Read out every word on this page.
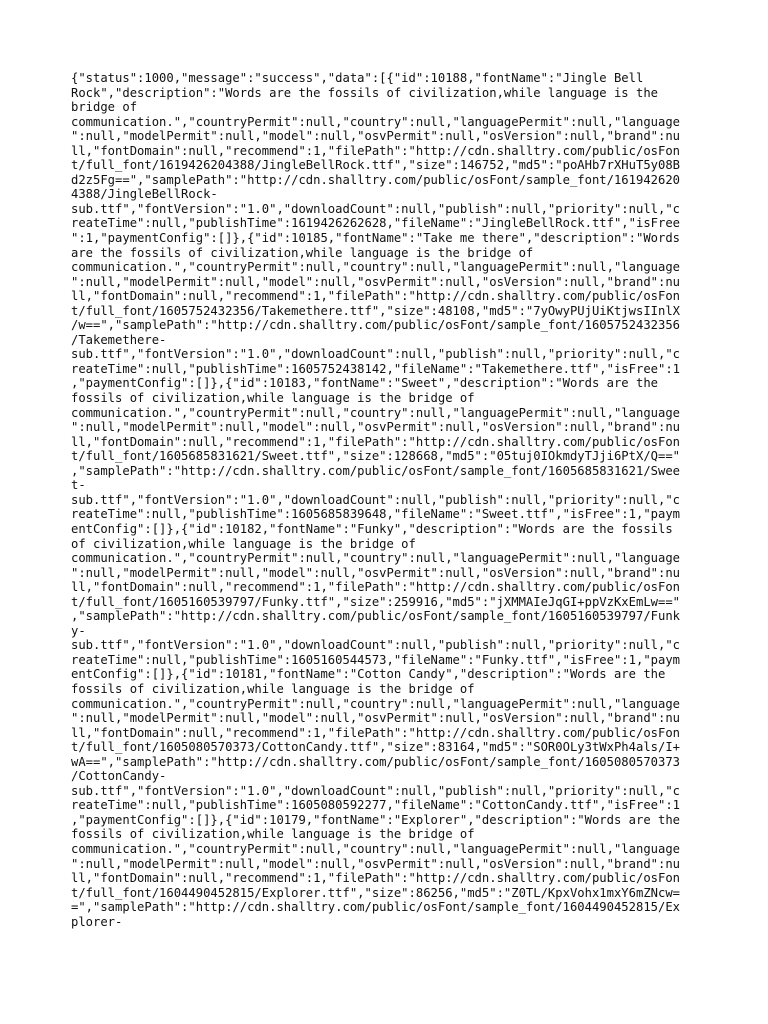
{"status":1000,"message":"success","data":[{"id":10188,"fontName":"Jingle Bell
Rock","description":"Words are the fossils of civilization,while language is the
bridge of
communication.","countryPermit":null,"country":null,"languagePermit":null,"language
":null,"modelPermit":null,"model":null,"osvPermit":null,"osVersion":null,"brand":nu
ll,"fontDomain":null,"recommend":1,"filePath":"http://cdn.shalltry.com/public/osFon
t/full_font/1619426204388/JingleBellRock.ttf","size":146752,"md5":"poAHb7rXHuT5y08B
d2z5Fg==","samplePath":"http://cdn.shalltry.com/public/osFont/sample_font/161942620
4388/JingleBellRock-
sub.ttf","fontVersion":"1.0","downloadCount":null,"publish":null,"priority":null,"c
reateTime":null,"publishTime":1619426262628,"fileName":"JingleBellRock.ttf","isFree
":1,"paymentConfig":[]},{"id":10185,"fontName":"Take me there","description":"Words
are the fossils of civilization,while language is the bridge of
communication.","countryPermit":null,"country":null,"languagePermit":null,"language
":null,"modelPermit":null,"model":null,"osvPermit":null,"osVersion":null,"brand":nu
ll,"fontDomain":null,"recommend":1,"filePath":"http://cdn.shalltry.com/public/osFon
t/full_font/1605752432356/Takemethere.ttf","size":48108,"md5":"7yOwyPUjUiKtjwsIInlX
/w==","samplePath":"http://cdn.shalltry.com/public/osFont/sample_font/1605752432356
/Takemethere-
sub.ttf","fontVersion":"1.0","downloadCount":null,"publish":null,"priority":null,"c
reateTime":null,"publishTime":1605752438142,"fileName":"Takemethere.ttf","isFree":1
,"paymentConfig":[]},{"id":10183,"fontName":"Sweet","description":"Words are the
fossils of civilization,while language is the bridge of
communication.","countryPermit":null,"country":null,"languagePermit":null,"language
":null,"modelPermit":null,"model":null,"osvPermit":null,"osVersion":null,"brand":nu
ll,"fontDomain":null,"recommend":1,"filePath":"http://cdn.shalltry.com/public/osFon
t/full_font/1605685831621/Sweet.ttf","size":128668,"md5":"05tuj0IOkmdyTJji6PtX/Q=="
,"samplePath":"http://cdn.shalltry.com/public/osFont/sample_font/1605685831621/Swee
t-
sub.ttf","fontVersion":"1.0","downloadCount":null,"publish":null,"priority":null,"c
reateTime":null,"publishTime":1605685839648,"fileName":"Sweet.ttf","isFree":1,"paym
entConfig":[]},{"id":10182,"fontName":"Funky","description":"Words are the fossils
of civilization,while language is the bridge of
communication.","countryPermit":null,"country":null,"languagePermit":null,"language
":null,"modelPermit":null,"model":null,"osvPermit":null,"osVersion":null,"brand":nu
ll,"fontDomain":null,"recommend":1,"filePath":"http://cdn.shalltry.com/public/osFon
t/full_font/1605160539797/Funky.ttf","size":259916,"md5":"jXMMAIeJqGI+ppVzKxEmLw=="
,"samplePath":"http://cdn.shalltry.com/public/osFont/sample_font/1605160539797/Funk
y-
sub.ttf","fontVersion":"1.0","downloadCount":null,"publish":null,"priority":null,"c
reateTime":null,"publishTime":1605160544573,"fileName":"Funky.ttf","isFree":1,"paym
entConfig":[]},{"id":10181,"fontName":"Cotton Candy","description":"Words are the
fossils of civilization,while language is the bridge of
communication.","countryPermit":null,"country":null,"languagePermit":null,"language
":null,"modelPermit":null,"model":null,"osvPermit":null,"osVersion":null,"brand":nu
ll,"fontDomain":null,"recommend":1,"filePath":"http://cdn.shalltry.com/public/osFon
t/full_font/1605080570373/CottonCandy.ttf","size":83164,"md5":"SOR0OLy3tWxPh4als/I+
wA==","samplePath":"http://cdn.shalltry.com/public/osFont/sample_font/1605080570373
/CottonCandy-
sub.ttf","fontVersion":"1.0","downloadCount":null,"publish":null,"priority":null,"c
reateTime":null,"publishTime":1605080592277,"fileName":"CottonCandy.ttf","isFree":1
,"paymentConfig":[]},{"id":10179,"fontName":"Explorer","description":"Words are the
fossils of civilization,while language is the bridge of
communication.","countryPermit":null,"country":null,"languagePermit":null,"language
":null,"modelPermit":null,"model":null,"osvPermit":null,"osVersion":null,"brand":nu
ll,"fontDomain":null,"recommend":1,"filePath":"http://cdn.shalltry.com/public/osFon
t/full_font/1604490452815/Explorer.ttf","size":86256,"md5":"Z0TL/KpxVohx1mxY6mZNcw=
=","samplePath":"http://cdn.shalltry.com/public/osFont/sample_font/1604490452815/Ex
plorer-
